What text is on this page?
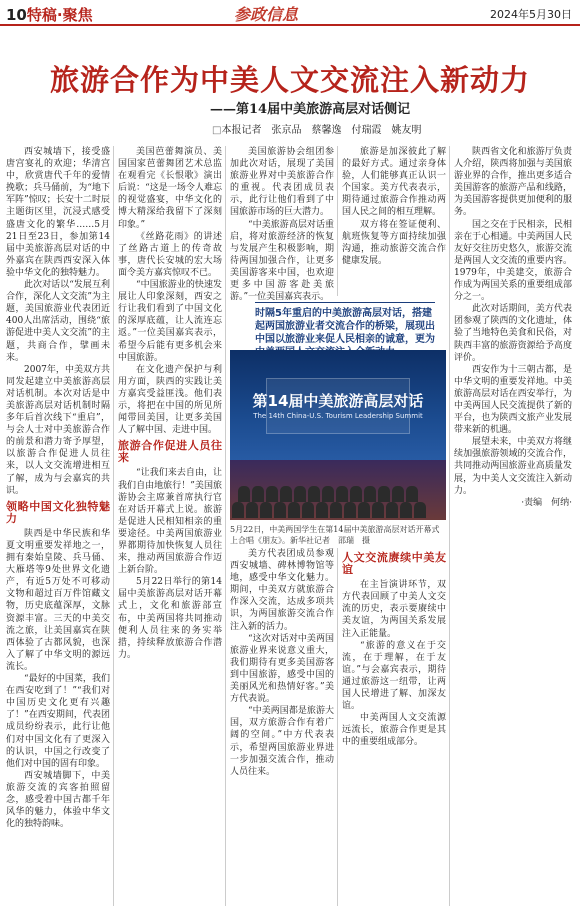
10特稿·聚焦	参政信息	2024年5月30日
旅游合作为中美人文交流注入新动力
——第14届中美旅游高层对话侧记
□本报记者　张京品　蔡馨逸　付瑞霞　姚友明

西安城墙下，接受盛唐宫宴礼的欢迎；华清宫中，欣赏唐代千年的爱情挽歌；兵马俑前，为“地下军阵”惊叹；长安十二时辰主题街区里，沉浸式感受盛唐文化的繁华……5月21日至23日，参加第14届中美旅游高层对话的中外嘉宾在陕西西安深入体验中华文化的独特魅力。

此次对话以“发展互利合作，深化人文交流”为主题，美国旅游业代表团近400人出席活动，围绕“旅游促进中美人文交流”的主题，共商合作，擘画未来。

2007年，中美双方共同发起建立中美旅游高层对话机制。本次对话是中美旅游高层对话机制时隔多年后首次线下“重启”，与会人士对中美旅游合作的前景和潜力寄予厚望，以旅游合作促进人员往来，以人文交流增进相互了解，成为与会嘉宾的共识。

领略中国文化独特魅力

陕西是中华民族和华夏文明重要发祥地之一，拥有秦始皇陵、兵马俑、大雁塔等9处世界文化遗产，有近5万处不可移动文物和超过百万件馆藏文物，历史底蕴深厚，文脉资源丰富。三天的中美交流之旅，让美国嘉宾在陕西体验了古都风貌，也深入了解了中华文明的源远流长。

“最好的中国菜，我们在西安吃到了！”“我们对中国历史文化更有兴趣了！”在西安期间，代表团成员纷纷表示，此行让他们对中国文化有了更深入的认识，中国之行改变了他们对中国的固有印象。

西安城墙脚下，中美旅游交流的宾客拍照留念，感受着中国古都千年风华的魅力，体验中华文化的独特韵味。

美国芭蕾舞演员、美国国家芭蕾舞团艺术总监在观看完《长恨歌》演出后说：“这是一场令人难忘的视觉盛宴，中华文化的博大精深给我留下了深刻印象。”

《丝路花雨》的讲述了丝路古道上的传奇故事，唐代长安城的宏大场面令美方嘉宾惊叹不已。

“中国旅游业的快速发展让人印象深刻，西安之行让我们看到了中国文化的深厚底蕴，让人流连忘返。”一位美国嘉宾表示，希望今后能有更多机会来中国旅游。

在文化遗产保护与利用方面，陕西的实践让美方嘉宾受益匪浅。他们表示，将把在中国的所见所闻带回美国，让更多美国人了解中国、走进中国。

旅游合作促进人员往来

“让我们来去自由，让我们自由地旅行！”美国旅游协会主席兼首席执行官在对话开幕式上说。旅游是促进人民相知相亲的重要途径。中美两国旅游业界都期待加快恢复人员往来，推动两国旅游合作迈上新台阶。

5月22日举行的第14届中美旅游高层对话开幕式上，文化和旅游部宣布，中美两国将共同推动便利人员往来的务实举措，持续释放旅游合作潜力。

美国旅游协会组团参加此次对话，展现了美国旅游业界对中美旅游合作的重视。代表团成员表示，此行让他们看到了中国旅游市场的巨大潜力。

“中美旅游高层对话重启，将对旅游经济的恢复与发展产生积极影响，期待两国加强合作，让更多美国游客来中国，也欢迎更多中国游客赴美旅游。”一位美国嘉宾表示。

旅游是加深彼此了解的最好方式。通过亲身体验，人们能够真正认识一个国家。美方代表表示，期待通过旅游合作推动两国人民之间的相互理解。

双方将在签证便利、航班恢复等方面持续加强沟通，推动旅游交流合作健康发展。

时隔5年重启的中美旅游高层对话，搭建起两国旅游业者交流合作的桥梁，展现出中国以旅游业来促人民相亲的诚意，更为
第14届中美旅游高层对话
The 14th China-U.S. Tourism Leadership Summit
5月22日，中美两国学生在第14届中美旅游高层对话开幕式上合唱《朋友》。新华社记者　邵瑞　摄

美方代表团成员参观西安城墙、碑林博物馆等地，感受中华文化魅力。期间，中美双方就旅游合作深入交流，达成多项共识，为两国旅游交流合作注入新的活力。

“这次对话对中美两国旅游业界来说意义重大，我们期待有更多美国游客到中国旅游，感受中国的美丽风光和热情好客。”美方代表说。

“中美两国都是旅游大国，双方旅游合作有着广阔的空间。”中方代表表示，希望两国旅游业界进一步加强交流合作，推动人员往来。

人文交流赓续中美友谊

在主旨演讲环节，双方代表回顾了中美人文交流的历史，表示要赓续中美友谊，为两国关系发展注入正能量。

“旅游的意义在于交流，在于理解，在于友谊。”与会嘉宾表示，期待通过旅游这一纽带，让两国人民增进了解、加深友谊。

中美两国人文交流源远流长，旅游合作更是其中的重要组成部分。

陕西省文化和旅游厅负责人介绍，陕西将加强与美国旅游业界的合作，推出更多适合美国游客的旅游产品和线路，为美国游客提供更加便利的服务。

国之交在于民相亲，民相亲在于心相通。中美两国人民友好交往历史悠久，旅游交流是两国人文交流的重要内容。1979年，中美建交，旅游合作成为两国关系的重要组成部分之一。

此次对话期间，美方代表团参观了陕西的文化遗址，体验了当地特色美食和民俗，对陕西丰富的旅游资源给予高度评价。

西安作为十三朝古都，是中华文明的重要发祥地。中美旅游高层对话在西安举行，为中美两国人民交流提供了新的平台，也为陕西文旅产业发展带来新的机遇。

展望未来，中美双方将继续加强旅游领域的交流合作，共同推动两国旅游业高质量发展，为中美人文交流注入新动力。

·责编　何纳·
